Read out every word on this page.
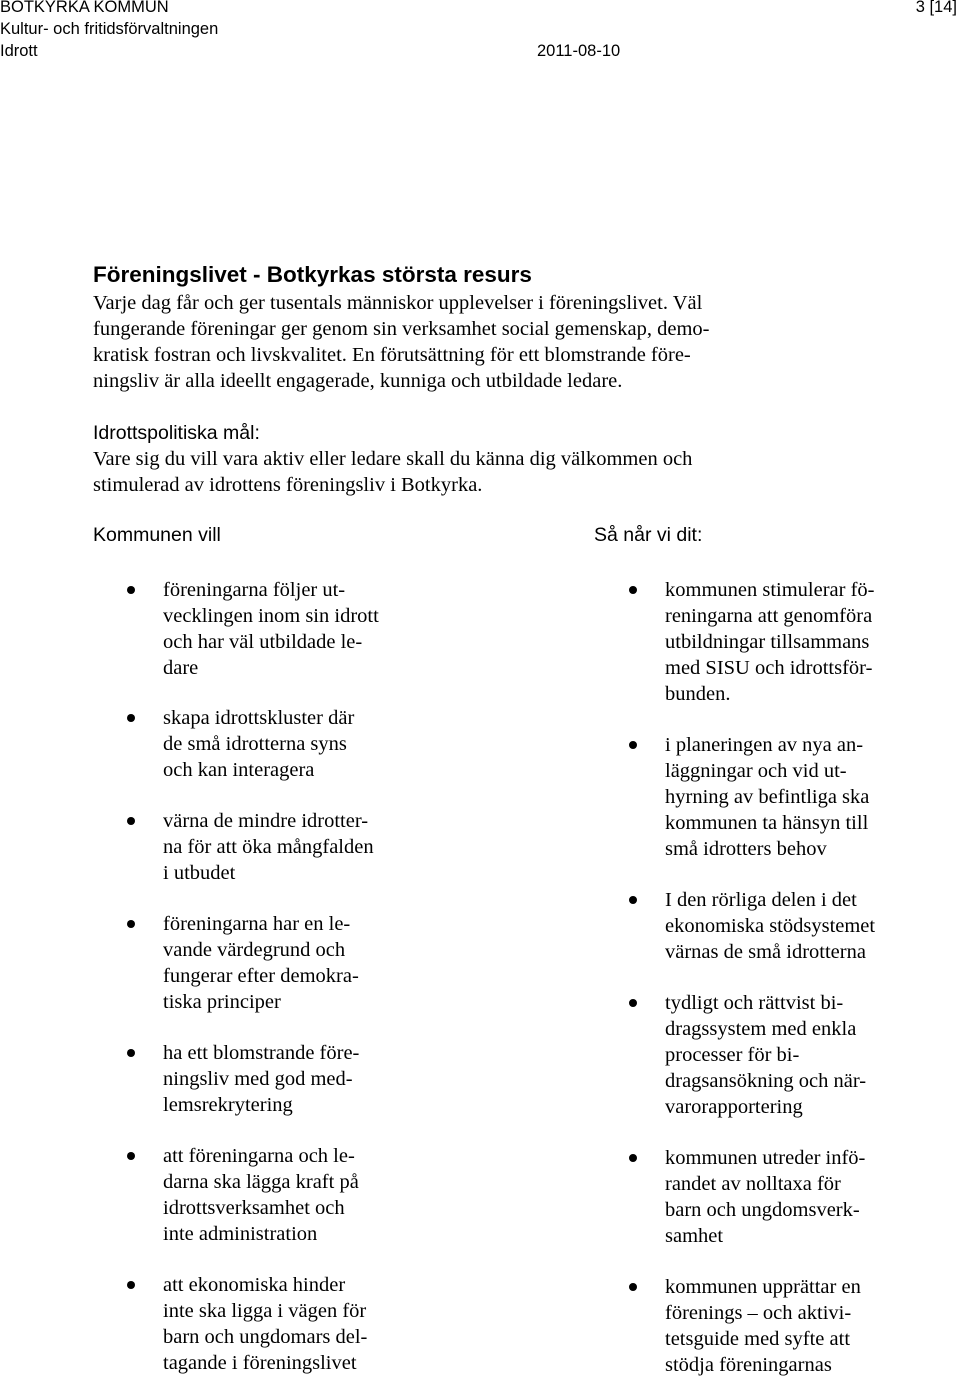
BOTKYRKA KOMMUN
Kultur- och fritidsförvaltningen
Idrott	2011-08-10
3 [14]
Föreningslivet - Botkyrkas största resurs
Varje dag får och ger tusentals människor upplevelser i föreningslivet. Väl
fungerande föreningar ger genom sin verksamhet social gemenskap, demo-
kratisk fostran och livskvalitet. En förutsättning för ett blomstrande före-
ningsliv är alla ideellt engagerade, kunniga och utbildade ledare.
Idrottspolitiska mål:
Vare sig du vill vara aktiv eller ledare skall du känna dig välkommen och
stimulerad av idrottens föreningsliv i Botkyrka.
Kommunen vill	Så når vi dit:
föreningarna följer ut-
vecklingen inom sin idrott
och har väl utbildade le-
dare
skapa idrottskluster där
de små idrotterna syns
och kan interagera
värna de mindre idrotter-
na för att öka mångfalden
i utbudet
föreningarna har en le-
vande värdegrund och
fungerar efter demokra-
tiska principer
ha ett blomstrande före-
ningsliv med god med-
lemsrekrytering
att föreningarna och le-
darna ska lägga kraft på
idrottsverksamhet och
inte administration
att ekonomiska hinder
inte ska ligga i vägen för
barn och ungdomars del-
tagande i föreningslivet
kommunen stimulerar fö-
reningarna att genomföra
utbildningar tillsammans
med SISU och idrottsför-
bunden.
i planeringen av nya an-
läggningar och vid ut-
hyrning av befintliga ska
kommunen ta hänsyn till
små idrotters behov
I den rörliga delen i det
ekonomiska stödsystemet
värnas de små idrotterna
tydligt och rättvist bi-
dragssystem med enkla
processer för bi-
dragsansökning och när-
varorapportering
kommunen utreder infö-
randet av nolltaxa för
barn och ungdomsverk-
samhet
kommunen upprättar en
förenings – och aktivi-
tetsguide med syfte att
stödja föreningarnas
